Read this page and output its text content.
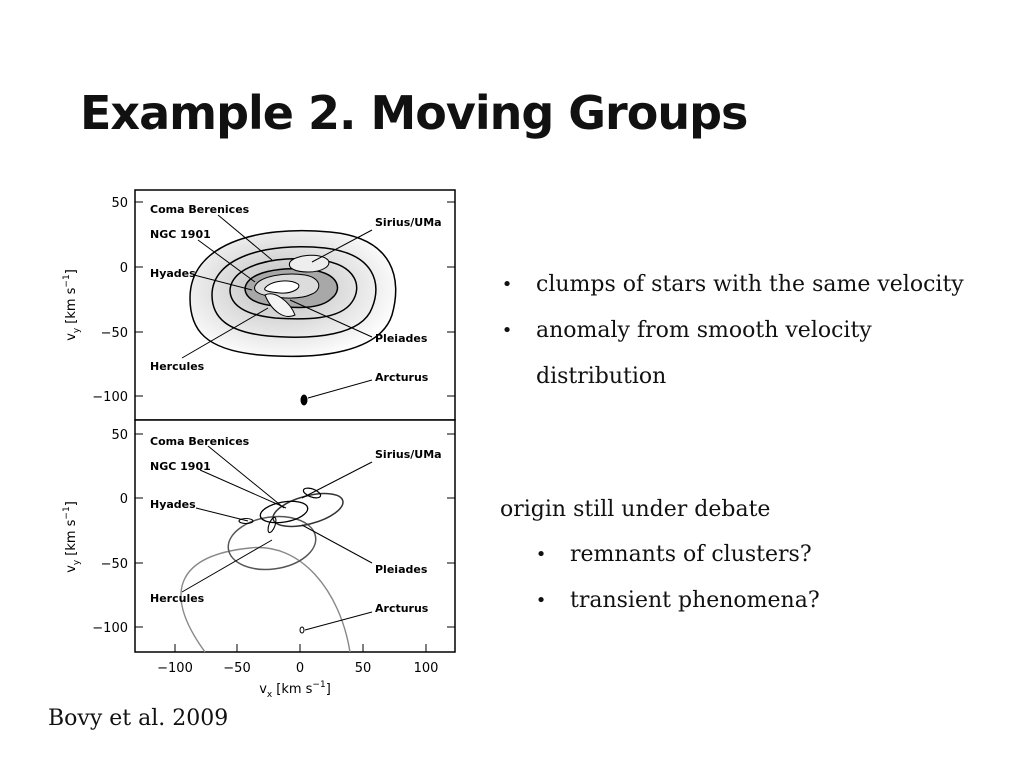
Example 2. Moving Groups
50
0
−50
−100
$v_y[km$ $s^{-1}$]
Coma Berenices
NGC 1901
Hyades
Hercules
Sirius/UMa
Pleiades
Arcturus
50
0
−50
−100
−100 −50	0	50	100
$v_x$ [km $s^{-1}$]
$v_y[km$ $s^{-1}$]
Coma Berenices
NGC 1901
Hyades
Hercules
Sirius/UMa
Pleiades
Arcturus
• clumps of stars with the same velocity
• anomaly from smooth velocity distribution
origin still under debate
• remnants of clusters?
• transient phenomena?
Bovy et al. 2009
